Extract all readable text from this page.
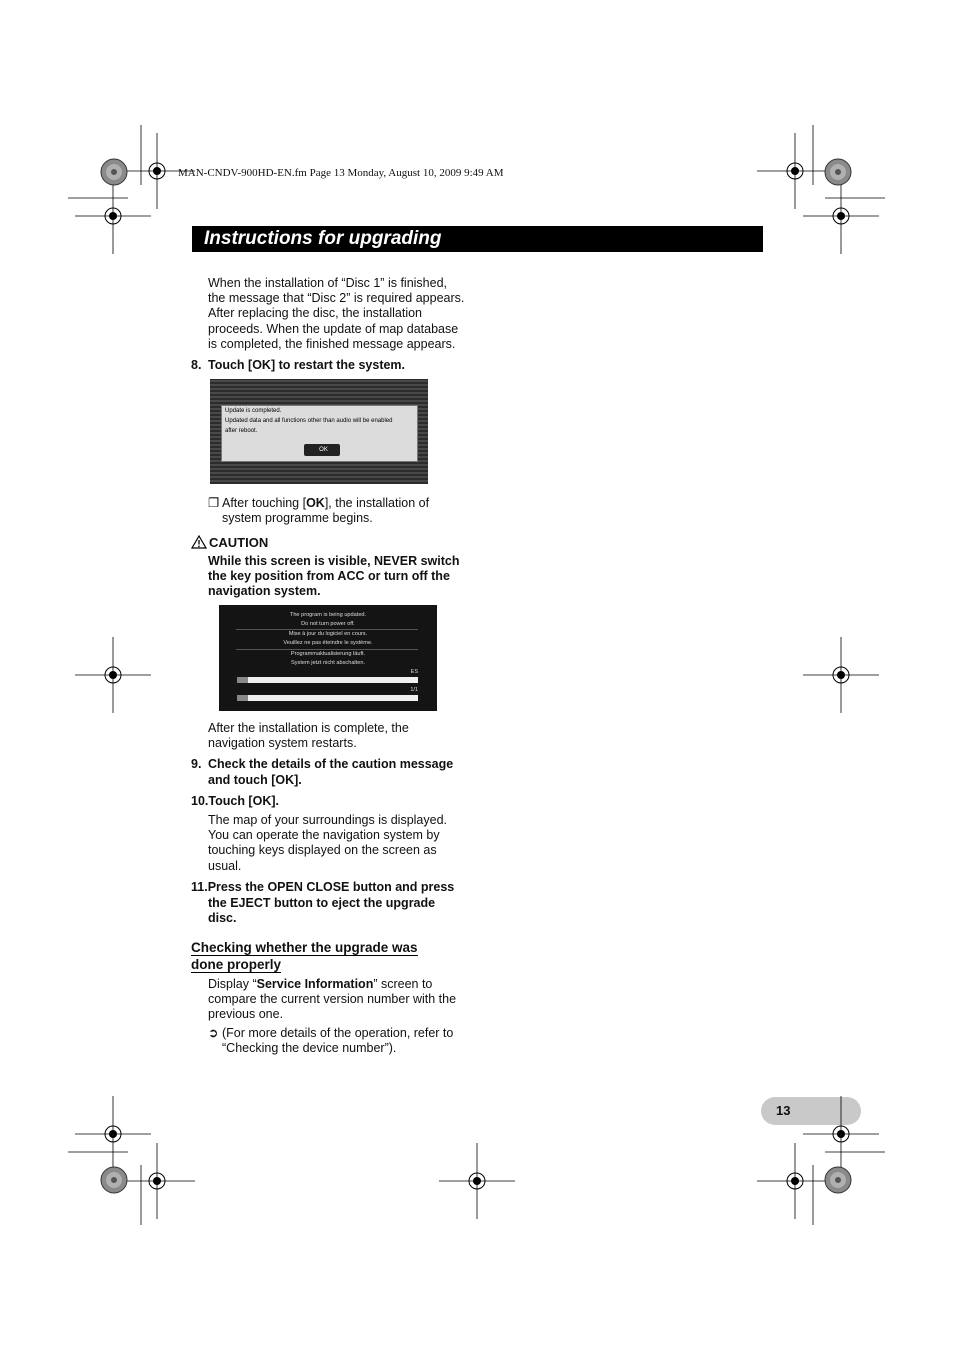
MAN-CNDV-900HD-EN.fm Page 13 Monday, August 10, 2009 9:49 AM
Instructions for upgrading
When the installation of “Disc 1” is finished,
the message that “Disc 2” is required appears.
After replacing the disc, the installation
proceeds. When the update of map database
is completed, the finished message appears.
8. Touch [OK] to restart the system.
Update is completed.
Updated data and all functions other than audio will be enabled
after reboot.
OK
❐ After touching [OK], the installation of
system programme begins.
CAUTION
While this screen is visible, NEVER switch
the key position from ACC or turn off the
navigation system.
The program is being updated.
Do not turn power off.
Mise à jour du logiciel en cours.
Veuillez ne pas éteindre le système.
Programmaktualisierung läuft.
System jetzt nicht abschalten.
ES
1/1
After the installation is complete, the
navigation system restarts.
9. Check the details of the caution message
and touch [OK].
10.Touch [OK].
The map of your surroundings is displayed.
You can operate the navigation system by
touching keys displayed on the screen as
usual.
11.Press the OPEN CLOSE button and press
the EJECT button to eject the upgrade
disc.
Checking whether the upgrade was
done properly
Display “Service Information” screen to
compare the current version number with the
previous one.
➲ (For more details of the operation, refer to
“Checking the device number”).
13
